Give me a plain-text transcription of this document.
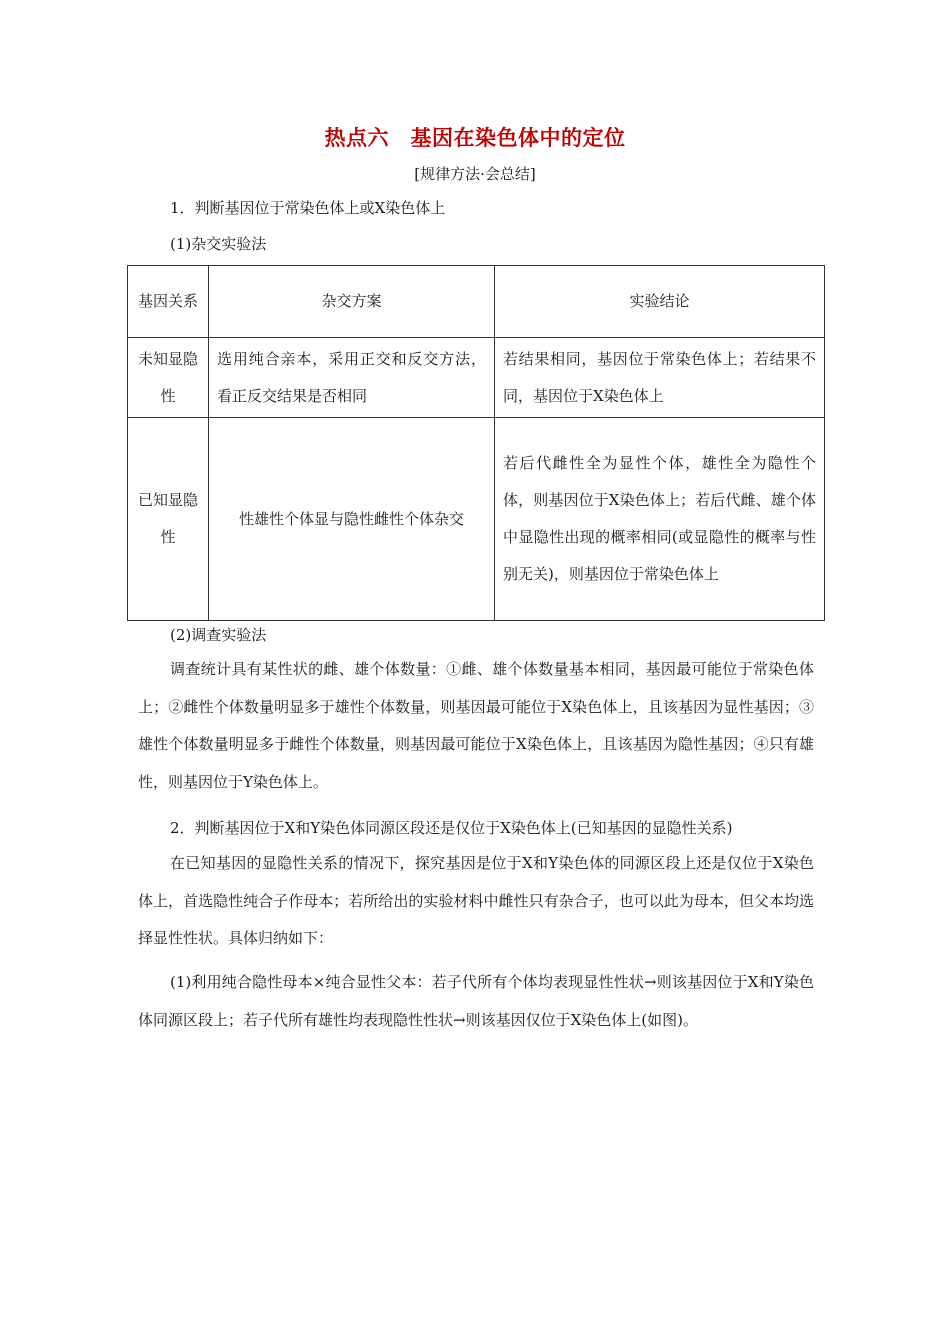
热点六　基因在染色体中的定位
[规律方法·会总结]
1．判断基因位于常染色体上或X染色体上
(1)杂交实验法
基因关系	杂交方案	实验结论
未知显隐性	选用纯合亲本，采用正交和反交方法，看正反交结果是否相同	若结果相同，基因位于常染色体上；若结果不同，基因位于X染色体上
已知显隐性	性雄性个体显与隐性雌性个体杂交	若后代雌性全为显性个体，雄性全为隐性个体，则基因位于X染色体上；若后代雌、雄个体中显隐性出现的概率相同(或显隐性的概率与性别无关)，则基因位于常染色体上
(2)调查实验法
调查统计具有某性状的雌、雄个体数量：①雌、雄个体数量基本相同，基因最可能位于常染色体上；②雌性个体数量明显多于雄性个体数量，则基因最可能位于X染色体上，且该基因为显性基因；③雄性个体数量明显多于雌性个体数量，则基因最可能位于X染色体上，且该基因为隐性基因；④只有雄性，则基因位于Y染色体上。
2．判断基因位于X和Y染色体同源区段还是仅位于X染色体上(已知基因的显隐性关系)
在已知基因的显隐性关系的情况下，探究基因是位于X和Y染色体的同源区段上还是仅位于X染色体上，首选隐性纯合子作母本；若所给出的实验材料中雌性只有杂合子，也可以此为母本，但父本均选择显性性状。具体归纳如下：
(1)利用纯合隐性母本×纯合显性父本：若子代所有个体均表现显性性状→则该基因位于X和Y染色体同源区段上；若子代所有雄性均表现隐性性状→则该基因仅位于X染色体上(如图)。
